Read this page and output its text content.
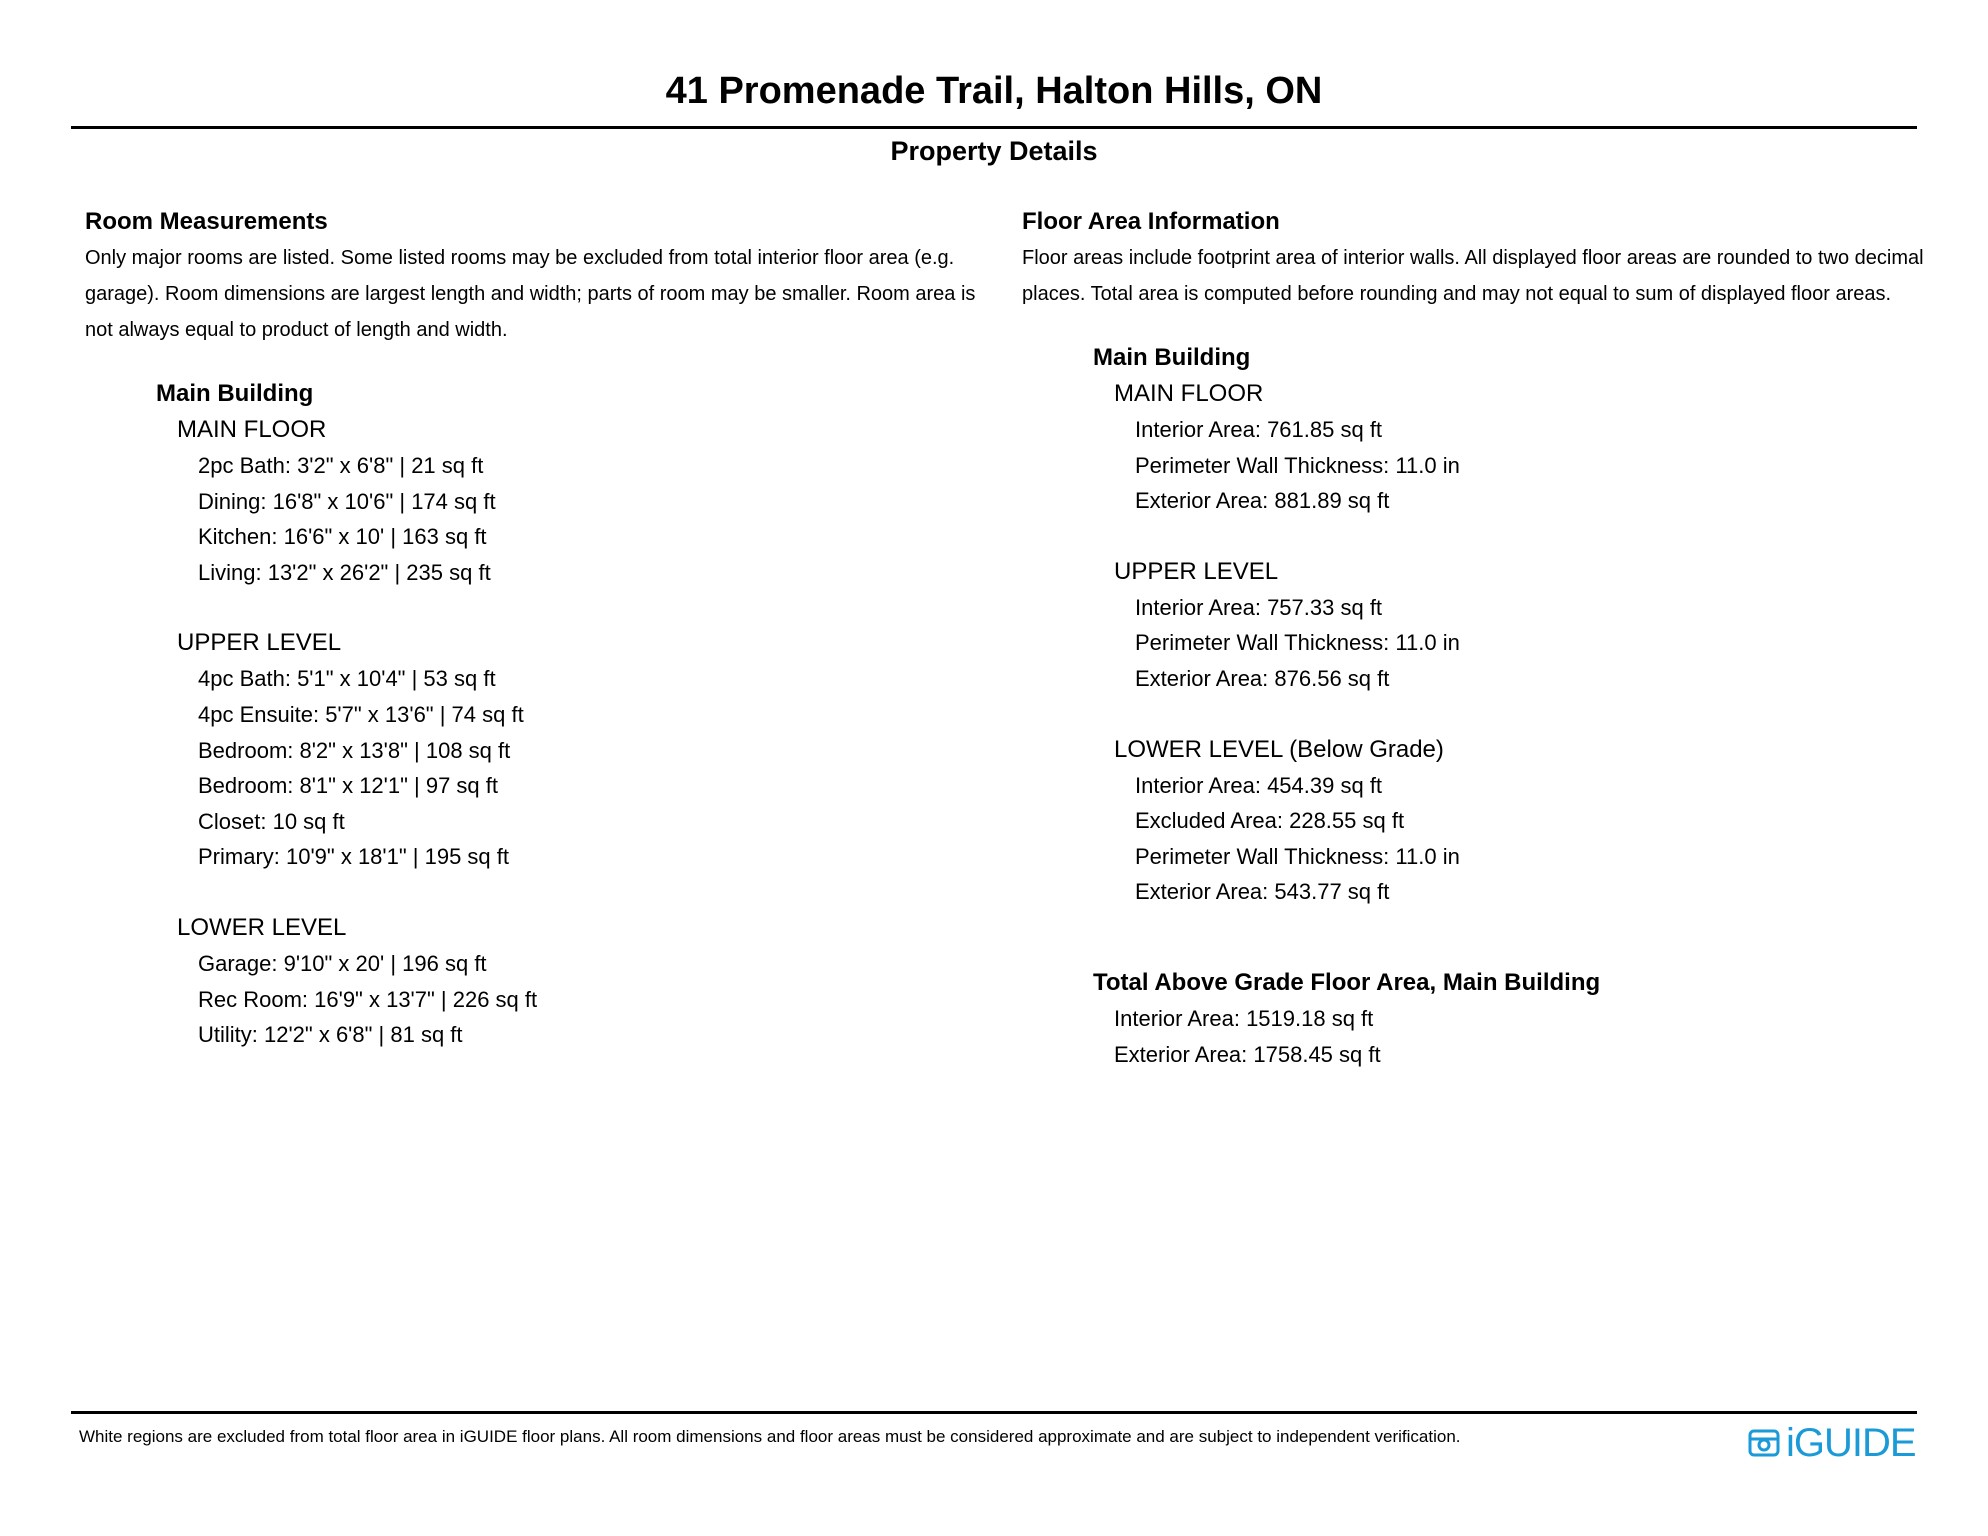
41 Promenade Trail, Halton Hills, ON
Property Details
Room Measurements

Only major rooms are listed. Some listed rooms may be excluded from total interior floor area (e.g. garage). Room dimensions are largest length and width; parts of room may be smaller. Room area is not always equal to product of length and width.

Main Building
MAIN FLOOR
2pc Bath: 3'2" x 6'8" | 21 sq ft
Dining: 16'8" x 10'6" | 174 sq ft
Kitchen: 16'6" x 10' | 163 sq ft
Living: 13'2" x 26'2" | 235 sq ft
UPPER LEVEL
4pc Bath: 5'1" x 10'4" | 53 sq ft
4pc Ensuite: 5'7" x 13'6" | 74 sq ft
Bedroom: 8'2" x 13'8" | 108 sq ft
Bedroom: 8'1" x 12'1" | 97 sq ft
Closet: 10 sq ft
Primary: 10'9" x 18'1" | 195 sq ft
LOWER LEVEL
Garage: 9'10" x 20' | 196 sq ft
Rec Room: 16'9" x 13'7" | 226 sq ft
Utility: 12'2" x 6'8" | 81 sq ft
Floor Area Information

Floor areas include footprint area of interior walls. All displayed floor areas are rounded to two decimal places. Total area is computed before rounding and may not equal to sum of displayed floor areas.

Main Building
MAIN FLOOR
Interior Area: 761.85 sq ft
Perimeter Wall Thickness: 11.0 in
Exterior Area: 881.89 sq ft
UPPER LEVEL
Interior Area: 757.33 sq ft
Perimeter Wall Thickness: 11.0 in
Exterior Area: 876.56 sq ft
LOWER LEVEL (Below Grade)
Interior Area: 454.39 sq ft
Excluded Area: 228.55 sq ft
Perimeter Wall Thickness: 11.0 in
Exterior Area: 543.77 sq ft
Total Above Grade Floor Area, Main Building
Interior Area: 1519.18 sq ft
Exterior Area: 1758.45 sq ft
White regions are excluded from total floor area in iGUIDE floor plans. All room dimensions and floor areas must be considered approximate and are subject to independent verification.	iGUIDE
